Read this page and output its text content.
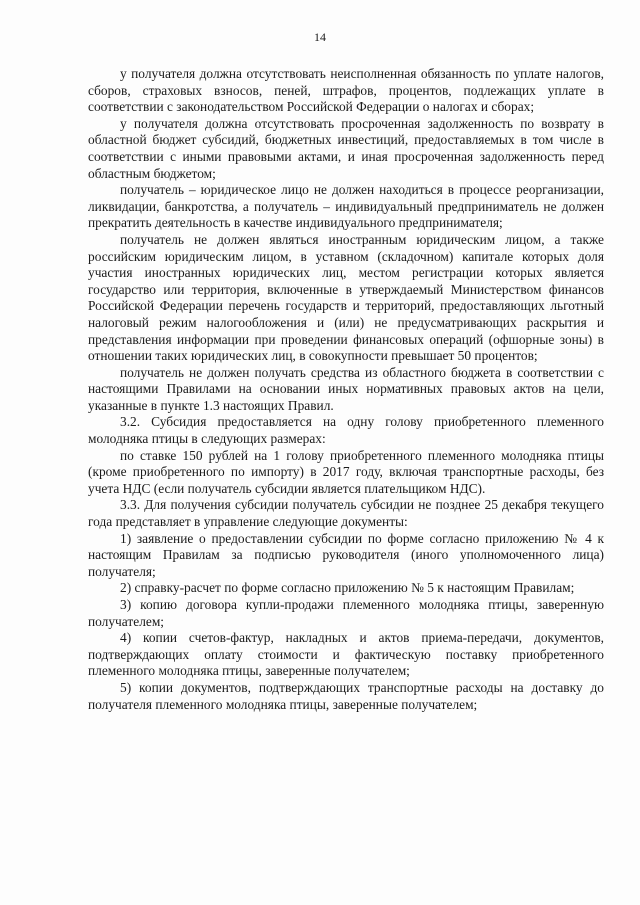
14

у получателя должна отсутствовать неисполненная обязанность по уплате налогов, сборов, страховых взносов, пеней, штрафов, процентов, подлежащих уплате в соответствии с законодательством Российской Федерации о налогах и сборах;

у получателя должна отсутствовать просроченная задолженность по возврату в областной бюджет субсидий, бюджетных инвестиций, предоставляемых в том числе в соответствии с иными правовыми актами, и иная просроченная задолженность перед областным бюджетом;

получатель – юридическое лицо не должен находиться в процессе реорганизации, ликвидации, банкротства, а получатель – индивидуальный предприниматель не должен прекратить деятельность в качестве индивидуального предпринимателя;

получатель не должен являться иностранным юридическим лицом, а также российским юридическим лицом, в уставном (складочном) капитале которых доля участия иностранных юридических лиц, местом регистрации которых является государство или территория, включенные в утверждаемый Министерством финансов Российской Федерации перечень государств и территорий, предоставляющих льготный налоговый режим налогообложения и (или) не предусматривающих раскрытия и представления информации при проведении финансовых операций (офшорные зоны) в отношении таких юридических лиц, в совокупности превышает 50 процентов;

получатель не должен получать средства из областного бюджета в соответствии с настоящими Правилами на основании иных нормативных правовых актов на цели, указанные в пункте 1.3 настоящих Правил.

3.2. Субсидия предоставляется на одну голову приобретенного племенного молодняка птицы в следующих размерах:

по ставке 150 рублей на 1 голову приобретенного племенного молодняка птицы (кроме приобретенного по импорту) в 2017 году, включая транспортные расходы, без учета НДС (если получатель субсидии является плательщиком НДС).

3.3. Для получения субсидии получатель субсидии не позднее 25 декабря текущего года представляет в управление следующие документы:

1) заявление о предоставлении субсидии по форме согласно приложению № 4 к настоящим Правилам за подписью руководителя (иного уполномоченного лица) получателя;

2) справку-расчет по форме согласно приложению № 5 к настоящим Правилам;

3) копию договора купли-продажи племенного молодняка птицы, заверенную получателем;

4) копии счетов-фактур, накладных и актов приема-передачи, документов, подтверждающих оплату стоимости и фактическую поставку приобретенного племенного молодняка птицы, заверенные получателем;

5) копии документов, подтверждающих транспортные расходы на доставку до получателя племенного молодняка птицы, заверенные получателем;
